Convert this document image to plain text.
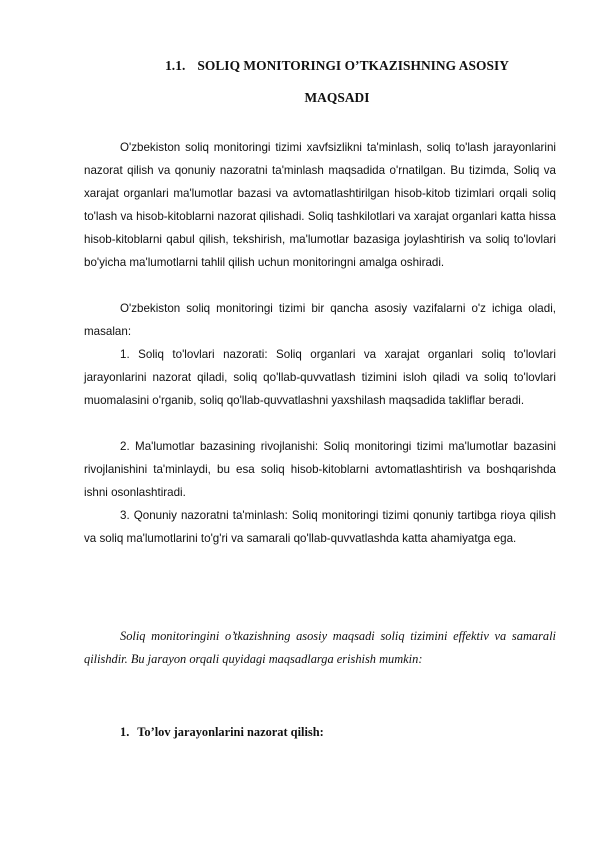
1.1. SOLIQ MONITORINGI O’TKAZISHNING ASOSIY
MAQSADI

O'zbekiston soliq monitoringi tizimi xavfsizlikni ta'minlash, soliq to'lash jarayonlarini nazorat qilish va qonuniy nazoratni ta'minlash maqsadida o'rnatilgan. Bu tizimda, Soliq va xarajat organlari ma'lumotlar bazasi va avtomatlashtirilgan hisob-kitob tizimlari orqali soliq to'lash va hisob-kitoblarni nazorat qilishadi. Soliq tashkilotlari va xarajat organlari katta hissa hisob-kitoblarni qabul qilish, tekshirish, ma'lumotlar bazasiga joylashtirish va soliq to'lovlari bo'yicha ma'lumotlarni tahlil qilish uchun monitoringni amalga oshiradi.

O'zbekiston soliq monitoringi tizimi bir qancha asosiy vazifalarni o'z ichiga oladi, masalan:

1. Soliq to'lovlari nazorati: Soliq organlari va xarajat organlari soliq to'lovlari jarayonlarini nazorat qiladi, soliq qo'llab-quvvatlash tizimini isloh qiladi va soliq to'lovlari muomalasini o'rganib, soliq qo'llab-quvvatlashni yaxshilash maqsadida takliflar beradi.

2. Ma'lumotlar bazasining rivojlanishi: Soliq monitoringi tizimi ma'lumotlar bazasini rivojlanishini ta'minlaydi, bu esa soliq hisob-kitoblarni avtomatlashtirish va boshqarishda ishni osonlashtiradi.

3. Qonuniy nazoratni ta'minlash: Soliq monitoringi tizimi qonuniy tartibga rioya qilish va soliq ma'lumotlarini to'g'ri va samarali qo'llab-quvvatlashda katta ahamiyatga ega.

Soliq monitoringini o’tkazishning asosiy maqsadi soliq tizimini effektiv va samarali qilishdir. Bu jarayon orqali quyidagi maqsadlarga erishish mumkin:

1. To’lov jarayonlarini nazorat qilish:
